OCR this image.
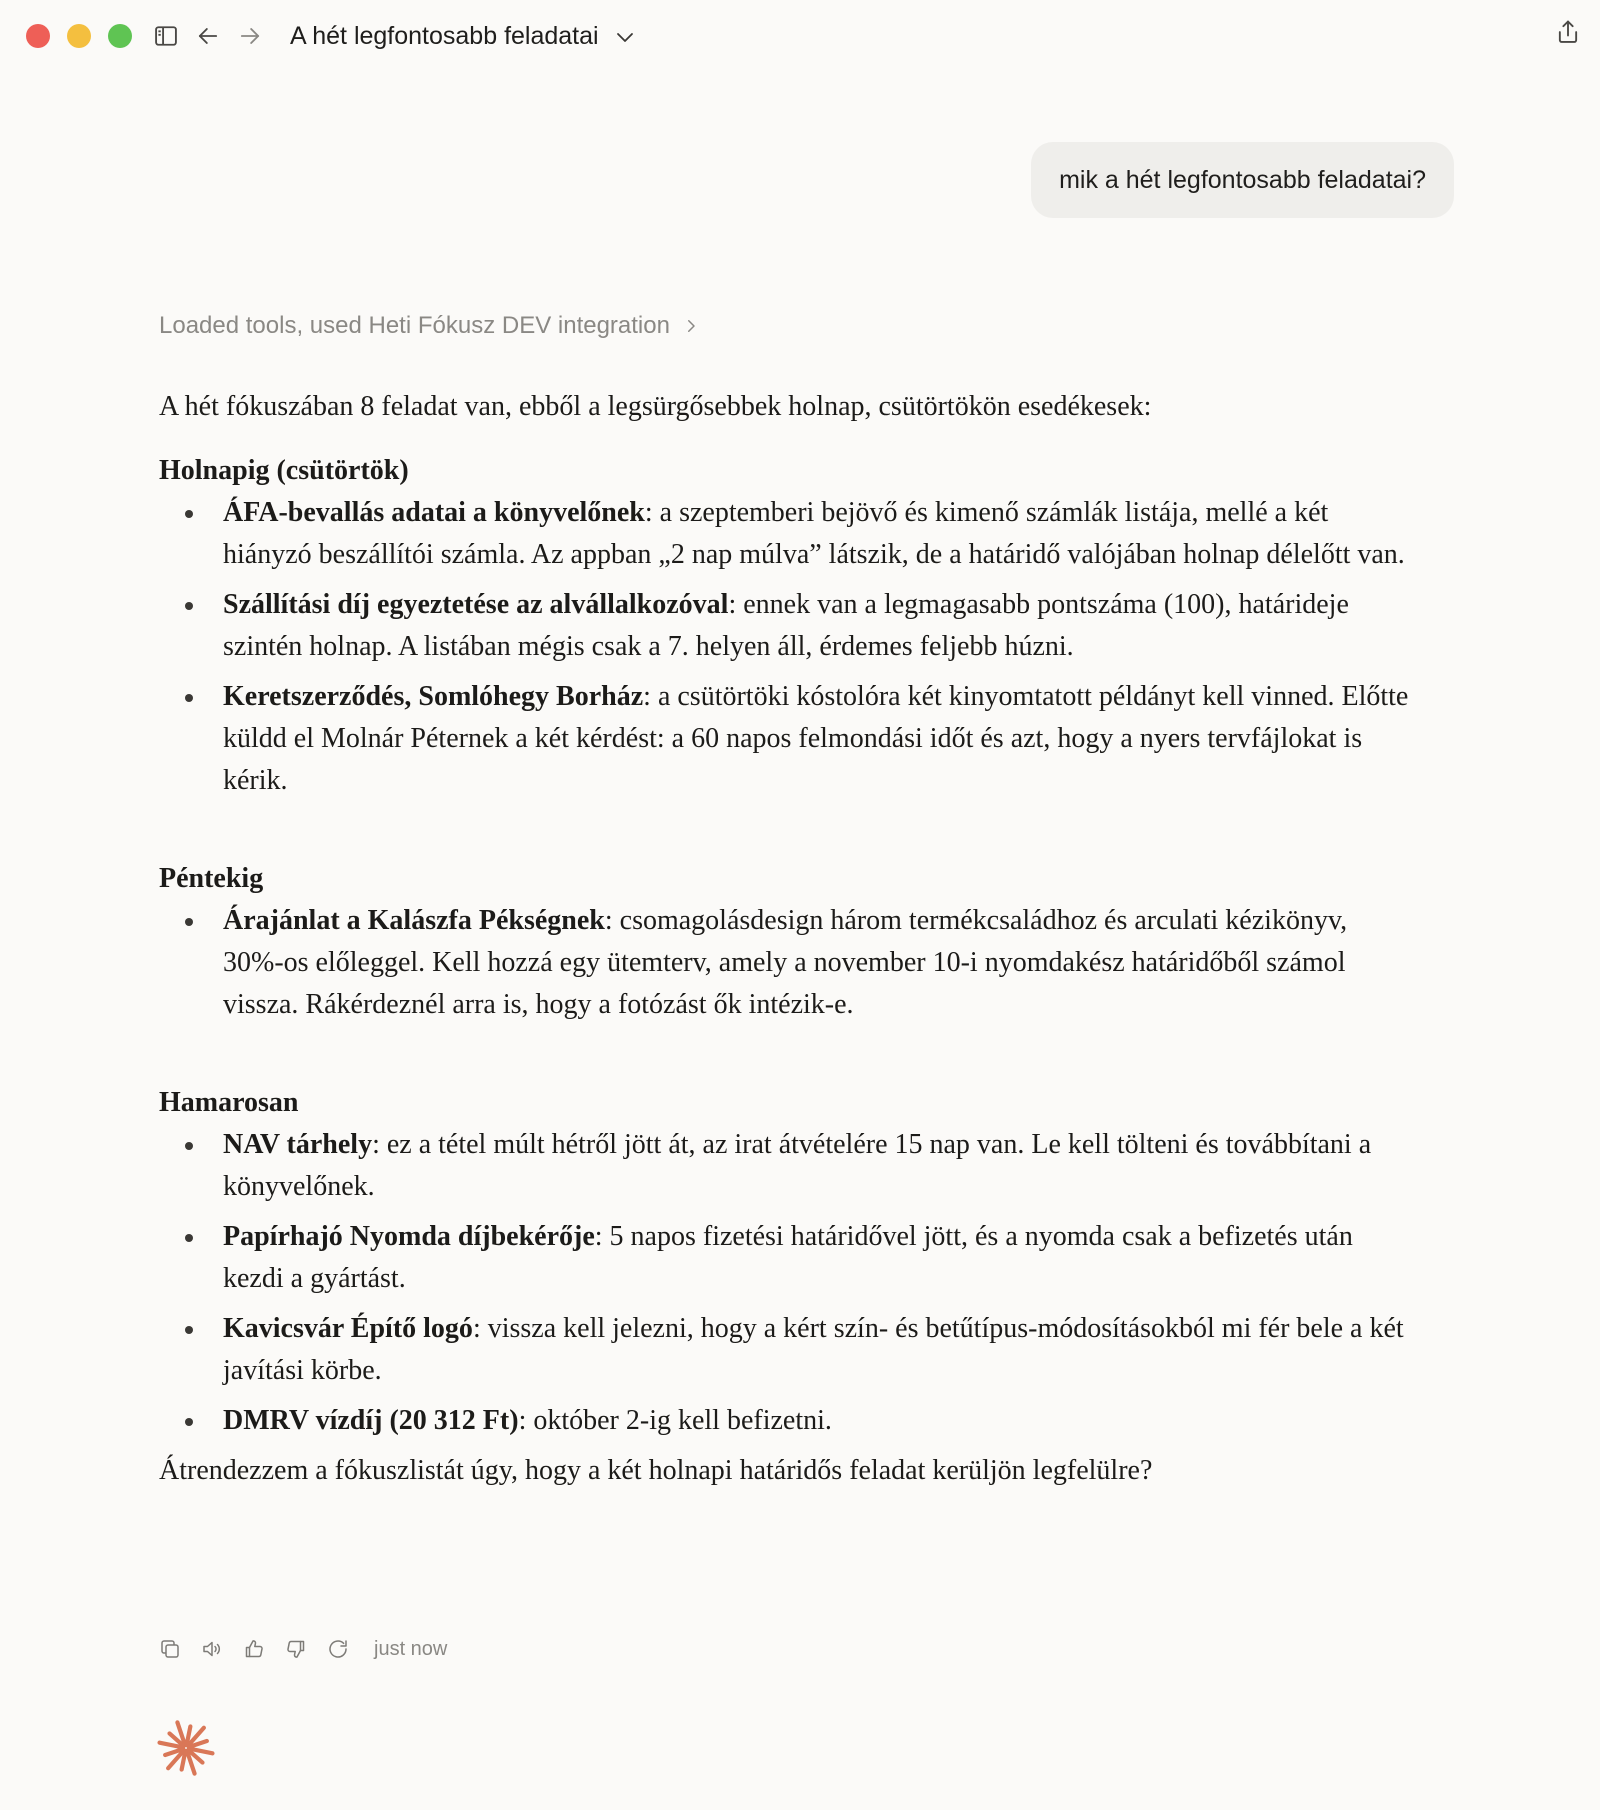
A hét legfontosabb feladatai
mik a hét legfontosabb feladatai?
Loaded tools, used Heti Fókusz DEV integration

A hét fókuszában 8 feladat van, ebből a legsürgősebbek holnap, csütörtökön esedékesek:

Holnapig (csütörtök)

ÁFA-bevallás adatai a könyvelőnek: a szeptemberi bejövő és kimenő számlák listája, mellé a két hiányzó beszállítói számla. Az appban „2 nap múlva” látszik, de a határidő valójában holnap délelőtt van.
Szállítási díj egyeztetése az alvállalkozóval: ennek van a legmagasabb pontszáma (100), határideje szintén holnap. A listában mégis csak a 7. helyen áll, érdemes feljebb húzni.
Keretszerződés, Somlóhegy Borház: a csütörtöki kóstolóra két kinyomtatott példányt kell vinned. Előtte küldd el Molnár Péternek a két kérdést: a 60 napos felmondási időt és azt, hogy a nyers tervfájlokat is kérik.

Péntekig

Árajánlat a Kalászfa Pékségnek: csomagolásdesign három termékcsaládhoz és arculati kézikönyv, 30%-os előleggel. Kell hozzá egy ütemterv, amely a november 10-i nyomdakész határidőből számol vissza. Rákérdeznél arra is, hogy a fotózást ők intézik-e.

Hamarosan

NAV tárhely: ez a tétel múlt hétről jött át, az irat átvételére 15 nap van. Le kell tölteni és továbbítani a könyvelőnek.
Papírhajó Nyomda díjbekérője: 5 napos fizetési határidővel jött, és a nyomda csak a befizetés után kezdi a gyártást.
Kavicsvár Építő logó: vissza kell jelezni, hogy a kért szín- és betűtípus-módosításokból mi fér bele a két javítási körbe.
DMRV vízdíj (20 312 Ft): október 2-ig kell befizetni.

Átrendezzem a fókuszlistát úgy, hogy a két holnapi határidős feladat kerüljön legfelülre?

just now
